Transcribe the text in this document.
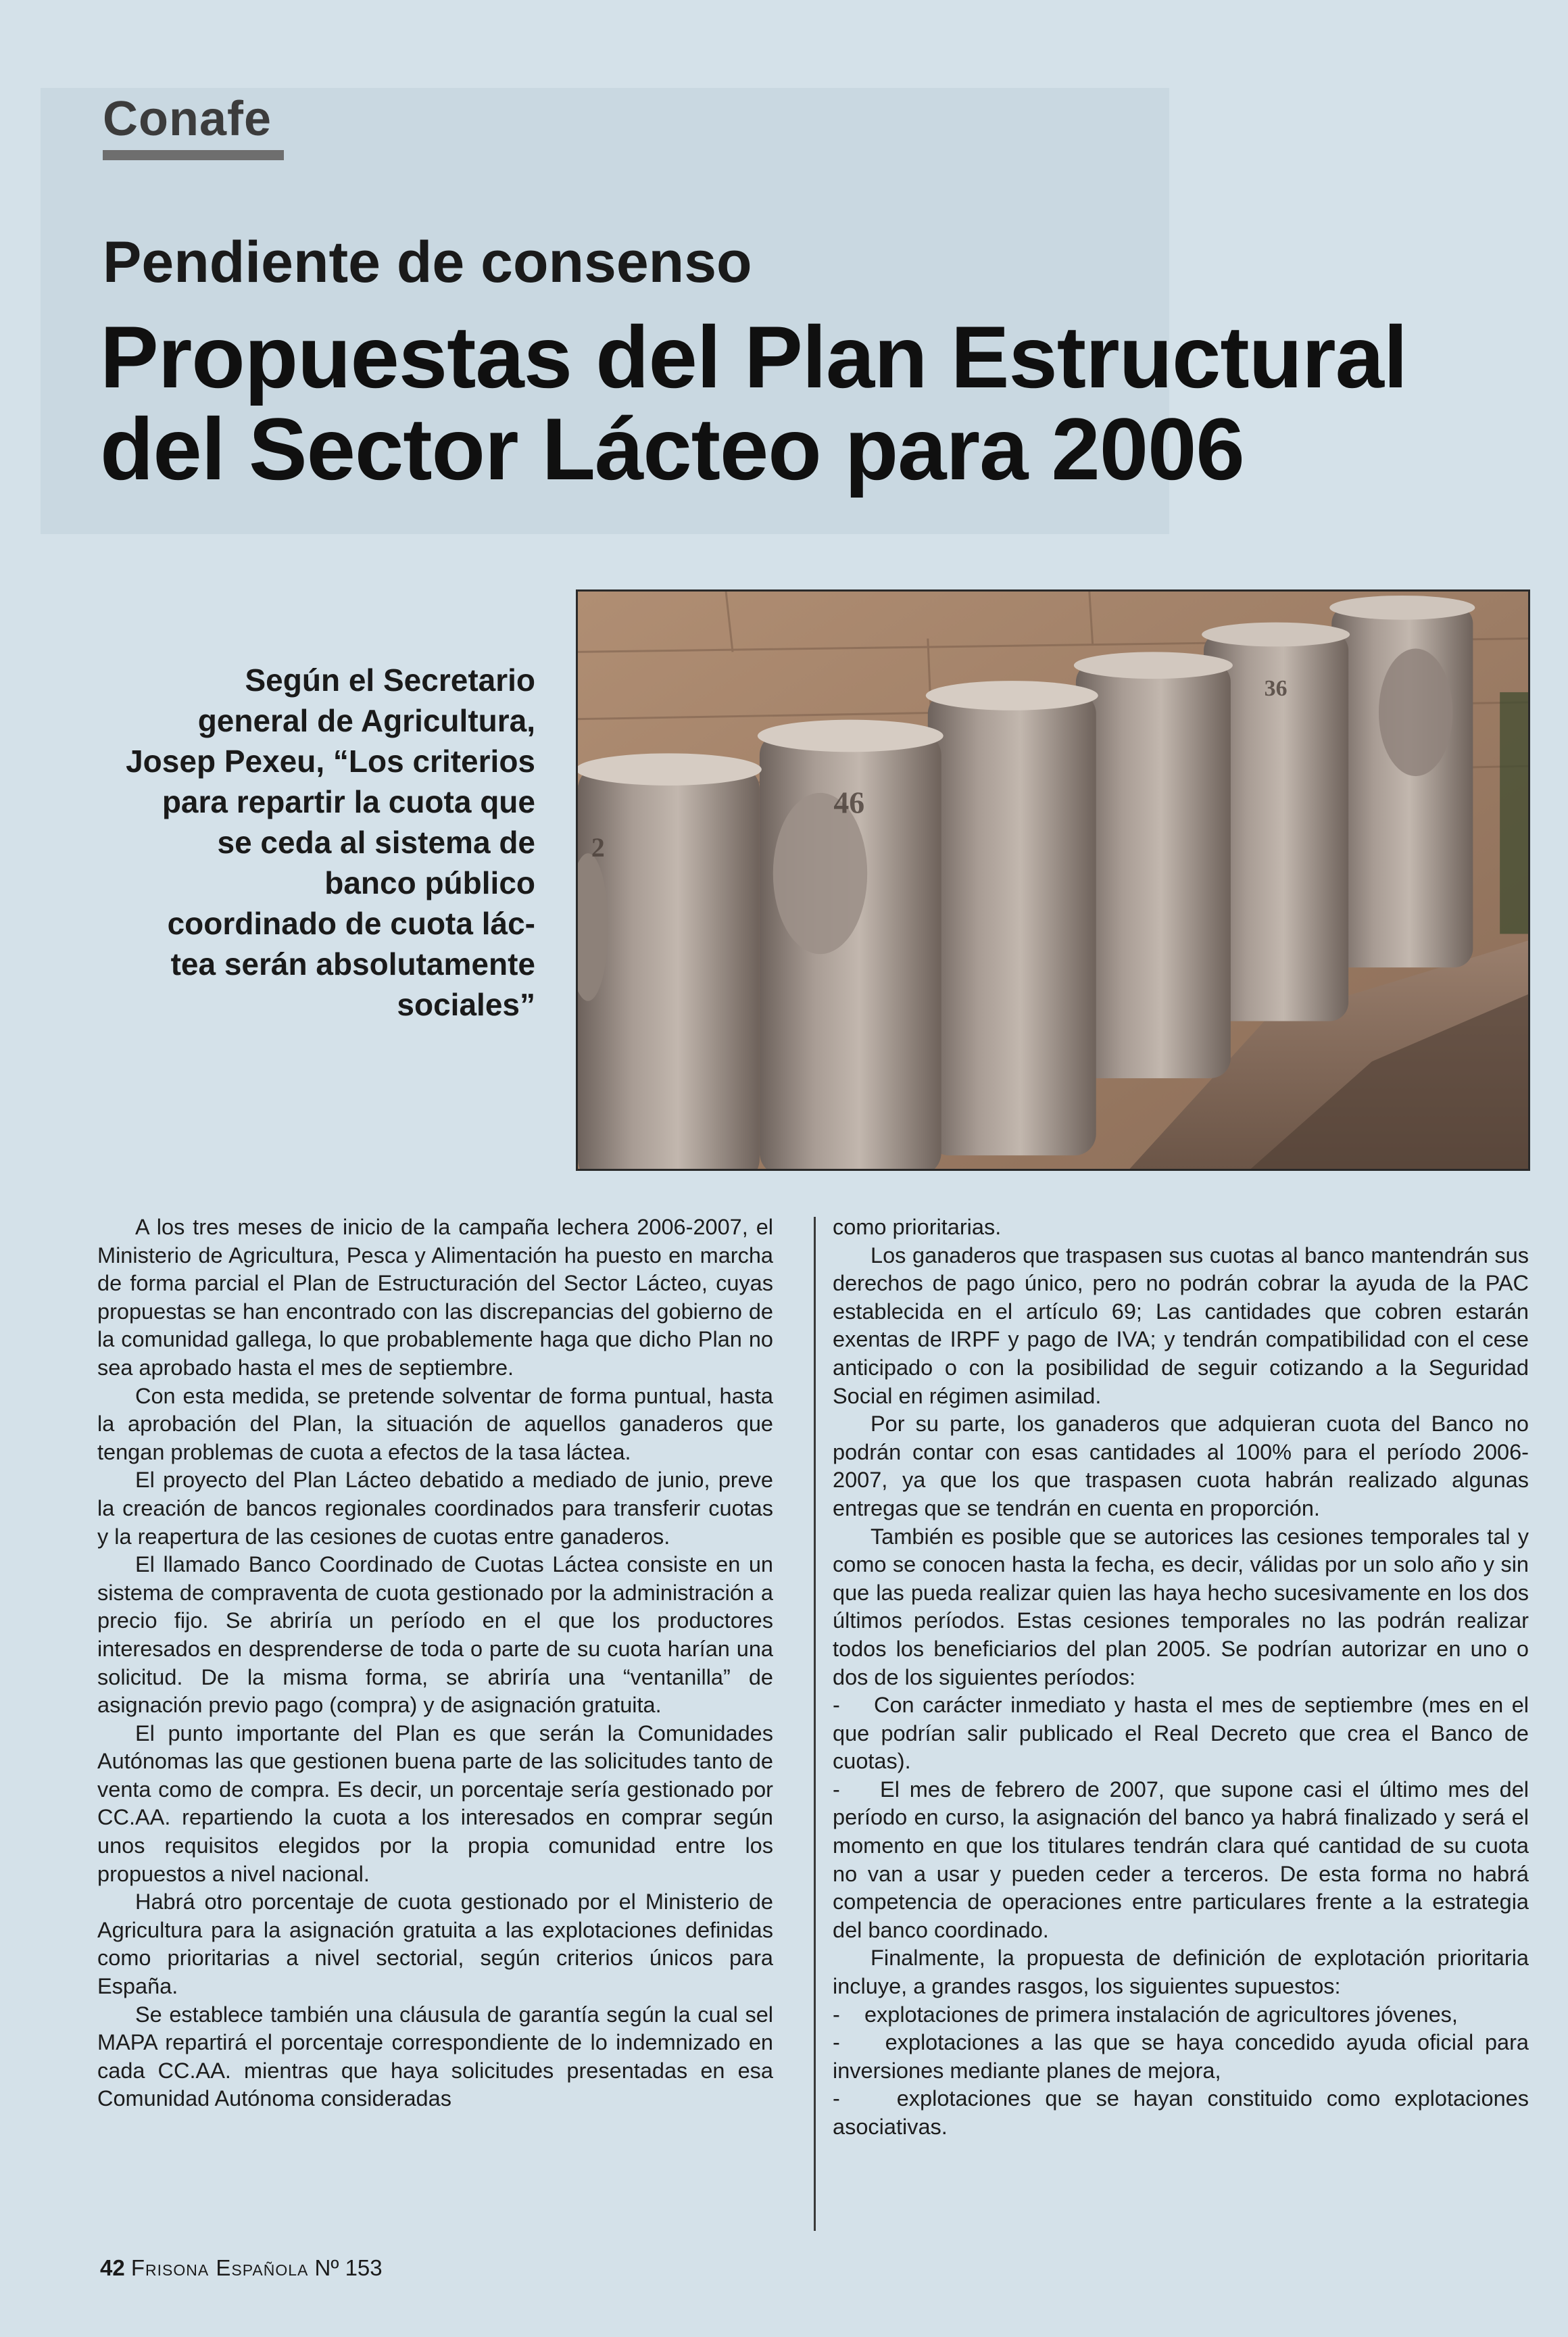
Conafe
Pendiente de consenso
Propuestas del Plan Estructural
del Sector Lácteo para 2006
Según el Secretario
general de Agricultura,
Josep Pexeu, “Los criterios
para repartir la cuota que
se ceda al sistema de
banco público
coordinado de cuota lác-
tea serán absolutamente
sociales”
2
46
36

A los tres meses de inicio de la campaña lechera 2006-2007, el Ministerio de Agricultura, Pesca y Alimentación ha puesto en marcha de forma parcial el Plan de Estructuración del Sector Lácteo, cuyas propuestas se han encontrado con las discrepancias del gobierno de la comunidad gallega, lo que probablemente haga que dicho Plan no sea aprobado hasta el mes de septiembre.

Con esta medida, se pretende solventar de forma puntual, hasta la aprobación del Plan, la situación de aquellos ganaderos que tengan problemas de cuota a efectos de la tasa láctea.

El proyecto del Plan Lácteo debatido a mediado de junio, preve la creación de bancos regionales coordinados para transferir cuotas y la reapertura de las cesiones de cuotas entre ganaderos.

El llamado Banco Coordinado de Cuotas Láctea consiste en un sistema de compraventa de cuota gestionado por la administración a precio fijo. Se abriría un período en el que los productores interesados en desprenderse de toda o parte de su cuota harían una solicitud. De la misma forma, se abriría una “ventanilla” de asignación previo pago (compra) y de asignación gratuita.

El punto importante del Plan es que serán la Comunidades Autónomas las que gestionen buena parte de las solicitudes tanto de venta como de compra. Es decir, un porcentaje sería gestionado por CC.AA. repartiendo la cuota a los interesados en comprar según unos requisitos elegidos por la propia comunidad entre los propuestos a nivel nacional.

Habrá otro porcentaje de cuota gestionado por el Ministerio de Agricultura para la asignación gratuita a las explotaciones definidas como prioritarias a nivel sectorial, según criterios únicos para España.

Se establece también una cláusula de garantía según la cual sel MAPA repartirá el porcentaje correspondiente de lo indemnizado en cada CC.AA. mientras que haya solicitudes presentadas en esa Comunidad Autónoma consideradas

como prioritarias.

Los ganaderos que traspasen sus cuotas al banco mantendrán sus derechos de pago único, pero no podrán cobrar la ayuda de la PAC establecida en el artículo 69; Las cantidades que cobren estarán exentas de IRPF y pago de IVA; y tendrán compatibilidad con el cese anticipado o con la posibilidad de seguir cotizando a la Seguridad Social en régimen asimilad.

Por su parte, los ganaderos que adquieran cuota del Banco no podrán contar con esas cantidades al 100% para el período 2006-2007, ya que los que traspasen cuota habrán realizado algunas entregas que se tendrán en cuenta en proporción.

También es posible que se autorices las cesiones temporales tal y como se conocen hasta la fecha, es decir, válidas por un solo año y sin que las pueda realizar quien las haya hecho sucesivamente en los dos últimos períodos. Estas cesiones temporales no las podrán realizar todos los beneficiarios del plan 2005. Se podrían autorizar en uno o dos de los siguientes períodos:

-    Con carácter inmediato y hasta el mes de septiembre (mes en el que podrían salir publicado el Real Decreto que crea el Banco de cuotas).

-    El mes de febrero de 2007, que supone casi el último mes del período en curso, la asignación del banco ya habrá finalizado y será el momento en que los titulares tendrán clara qué cantidad de su cuota no van a usar y pueden ceder a terceros. De esta forma no habrá competencia de operaciones entre particulares frente a la estrategia del banco coordinado.

Finalmente, la propuesta de definición de explotación prioritaria incluye, a grandes rasgos, los siguientes supuestos:

-    explotaciones de primera instalación de agricultores jóvenes,

-    explotaciones a las que se haya concedido ayuda oficial para inversiones mediante planes de mejora,

-    explotaciones que se hayan constituido como explotaciones asociativas.

42 Frisona Española Nº 153
